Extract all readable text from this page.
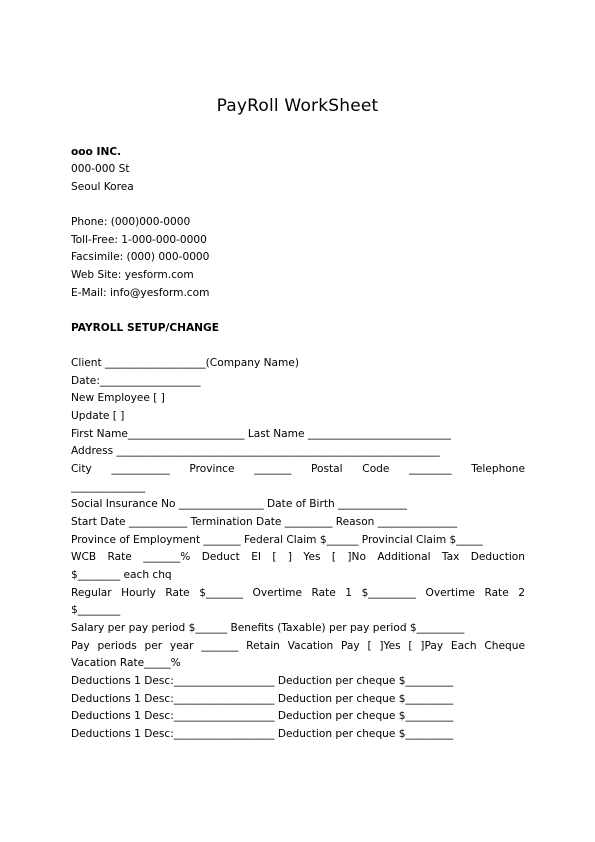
PayRoll WorkSheet
ooo INC.
000-000 St
Seoul Korea
Phone: (000)000-0000
Toll-Free: 1-000-000-0000
Facsimile: (000) 000-0000
Web Site: yesform.com
E-Mail: info@yesform.com
PAYROLL SETUP/CHANGE
Client ___________________(Company Name)
Date:___________________
New Employee [ ]
Update [ ]
First Name______________________ Last Name ___________________________
Address _____________________________________________________________
City ___________ Province _______ Postal Code ________ Telephone
______________
Social Insurance No ________________ Date of Birth _____________
Start Date ___________ Termination Date _________ Reason _______________
Province of Employment _______ Federal Claim $______ Provincial Claim $_____
WCB Rate _______% Deduct EI [ ] Yes [ ]No Additional Tax Deduction
$________ each chq
Regular Hourly Rate $_______ Overtime Rate 1 $_________ Overtime Rate 2
$________
Salary per pay period $______ Benefits (Taxable) per pay period $_________
Pay periods per year _______ Retain Vacation Pay [ ]Yes [ ]Pay Each Cheque
Vacation Rate_____%
Deductions 1 Desc:___________________ Deduction per cheque $_________
Deductions 1 Desc:___________________ Deduction per cheque $_________
Deductions 1 Desc:___________________ Deduction per cheque $_________
Deductions 1 Desc:___________________ Deduction per cheque $_________
